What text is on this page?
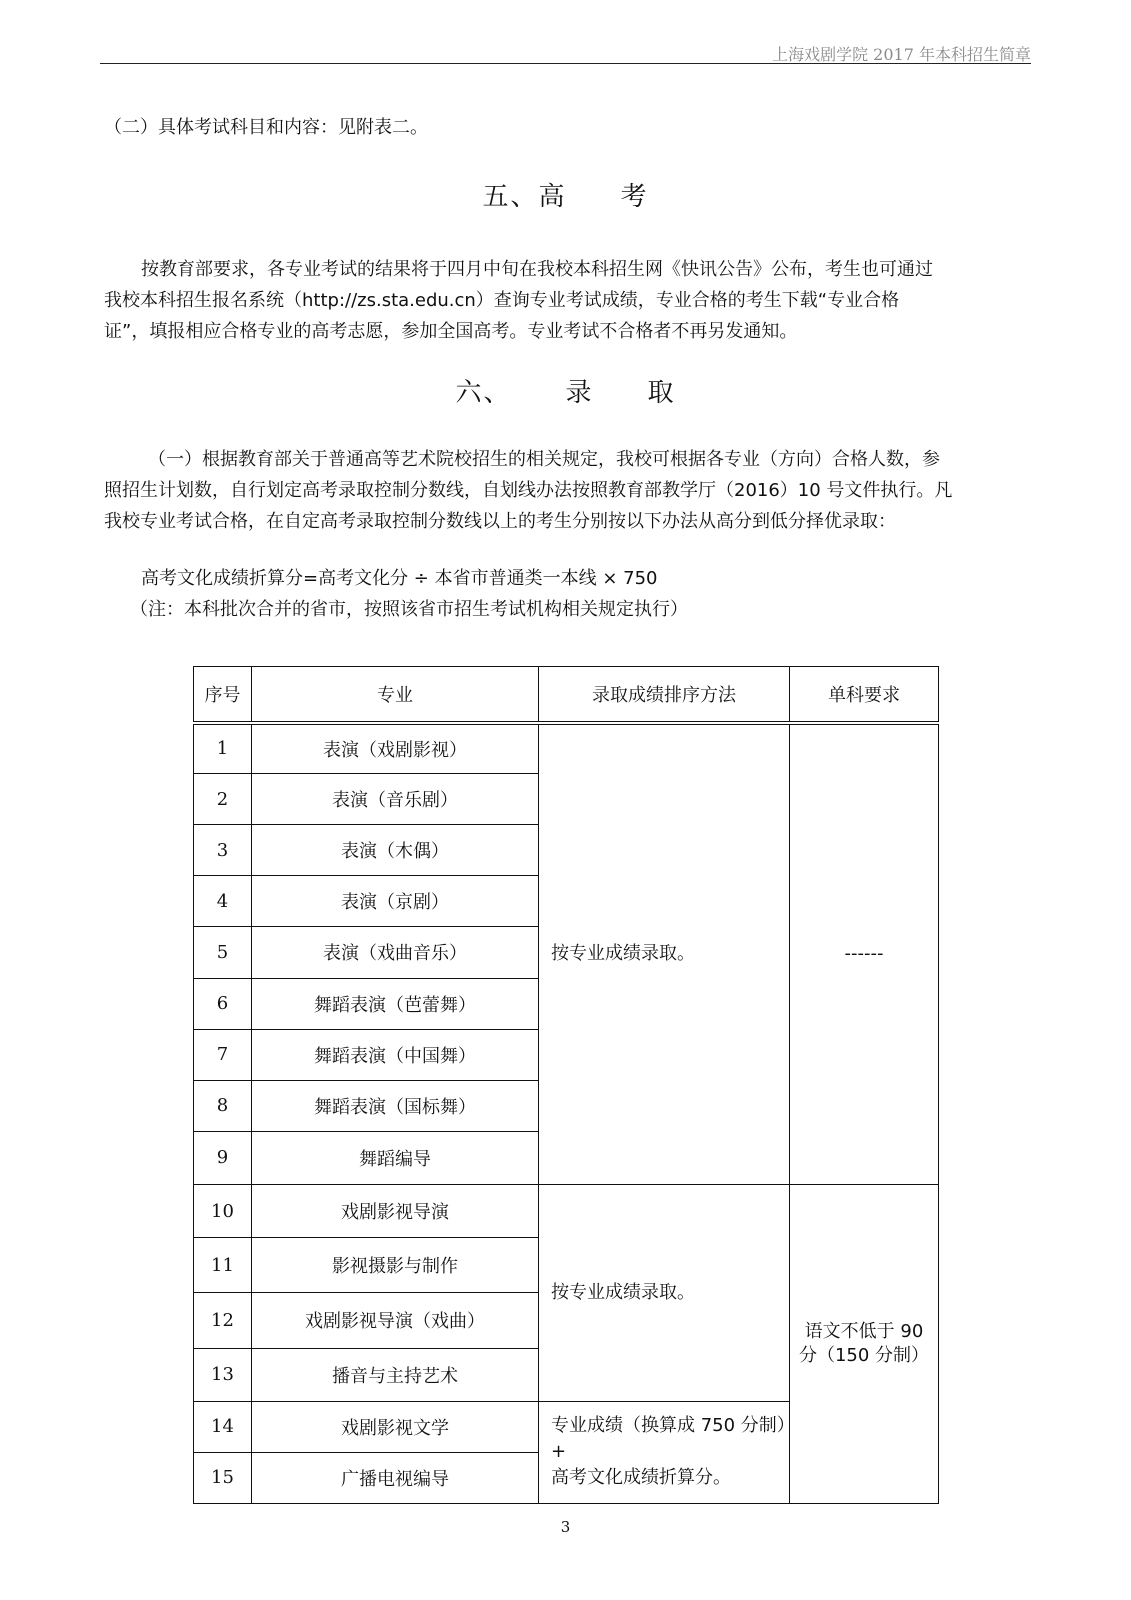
上海戏剧学院 2017 年本科招生简章
（二）具体考试科目和内容：见附表二。
五、高 考
按教育部要求，各专业考试的结果将于四月中旬在我校本科招生网《快讯公告》公布，考生也可通过
我校本科招生报名系统（http://zs.sta.edu.cn）查询专业考试成绩，专业合格的考生下载“专业合格
证”，填报相应合格专业的高考志愿，参加全国高考。专业考试不合格者不再另发通知。
六、 录 取
（一）根据教育部关于普通高等艺术院校招生的相关规定，我校可根据各专业（方向）合格人数，参
照招生计划数，自行划定高考录取控制分数线，自划线办法按照教育部教学厅（2016）10 号文件执行。凡
我校专业考试合格，在自定高考录取控制分数线以上的考生分别按以下办法从高分到低分择优录取：
高考文化成绩折算分=高考文化分 ÷ 本省市普通类一本线 × 750
（注：本科批次合并的省市，按照该省市招生考试机构相关规定执行）
序号	专业	录取成绩排序方法	单科要求
1	表演（戏剧影视）	按专业成绩录取。	------
2	表演（音乐剧）		
3	表演（木偶）		
4	表演（京剧）		
5	表演（戏曲音乐）		
6	舞蹈表演（芭蕾舞）		
7	舞蹈表演（中国舞）		
8	舞蹈表演（国标舞）		
9	舞蹈编导		
10	戏剧影视导演	按专业成绩录取。	语文不低于 90
分（150 分制）

11	影视摄影与制作		
12	戏剧影视导演（戏曲）		
13	播音与主持艺术		
14	戏剧影视文学	专业成绩（换算成 750 分制）+
高考文化成绩折算分。	

15	广播电视编导		
3
